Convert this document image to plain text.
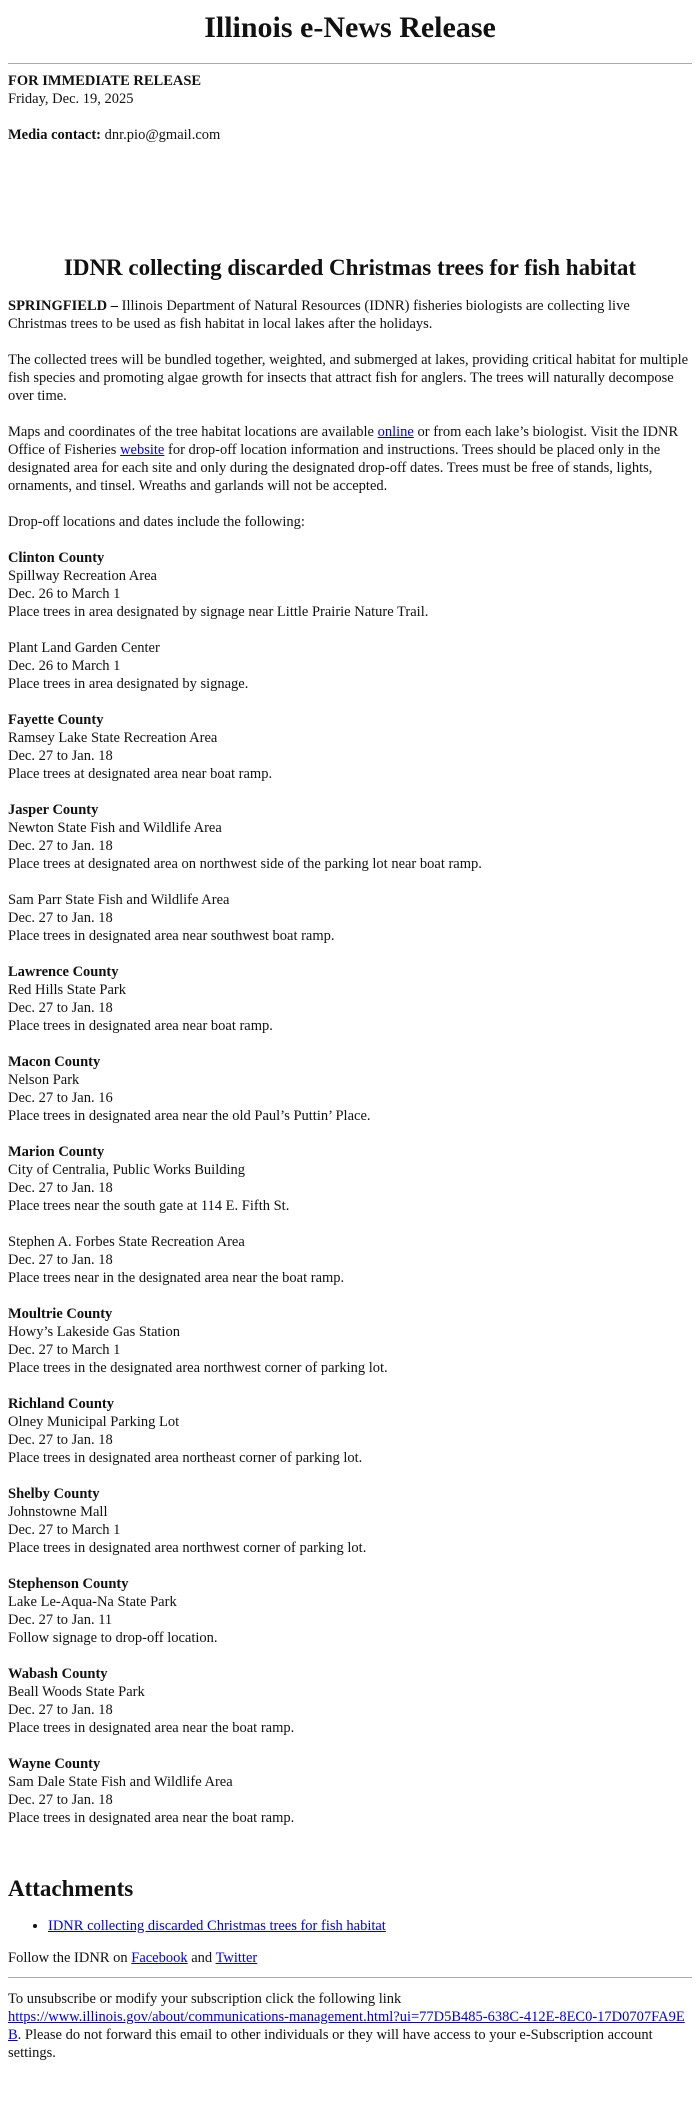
Illinois e-News Release

FOR IMMEDIATE RELEASE

Friday, Dec. 19, 2025

Media contact: dnr.pio@gmail.com

IDNR collecting discarded Christmas trees for fish habitat

SPRINGFIELD – Illinois Department of Natural Resources (IDNR) fisheries biologists are collecting live Christmas trees to be used as fish habitat in local lakes after the holidays.

The collected trees will be bundled together, weighted, and submerged at lakes, providing critical habitat for multiple fish species and promoting algae growth for insects that attract fish for anglers. The trees will naturally decompose over time.

Maps and coordinates of the tree habitat locations are available online or from each lake’s biologist. Visit the IDNR Office of Fisheries website for drop-off location information and instructions. Trees should be placed only in the designated area for each site and only during the designated drop-off dates. Trees must be free of stands, lights, ornaments, and tinsel. Wreaths and garlands will not be accepted.

Drop-off locations and dates include the following:

Clinton County
Spillway Recreation Area
Dec. 26 to March 1
Place trees in area designated by signage near Little Prairie Nature Trail.
Plant Land Garden Center
Dec. 26 to March 1
Place trees in area designated by signage.
Fayette County
Ramsey Lake State Recreation Area
Dec. 27 to Jan. 18
Place trees at designated area near boat ramp.
Jasper County
Newton State Fish and Wildlife Area
Dec. 27 to Jan. 18
Place trees at designated area on northwest side of the parking lot near boat ramp.
Sam Parr State Fish and Wildlife Area
Dec. 27 to Jan. 18
Place trees in designated area near southwest boat ramp.
Lawrence County
Red Hills State Park
Dec. 27 to Jan. 18
Place trees in designated area near boat ramp.
Macon County
Nelson Park
Dec. 27 to Jan. 16
Place trees in designated area near the old Paul’s Puttin’ Place.
Marion County
City of Centralia, Public Works Building
Dec. 27 to Jan. 18
Place trees near the south gate at 114 E. Fifth St.
Stephen A. Forbes State Recreation Area
Dec. 27 to Jan. 18
Place trees near in the designated area near the boat ramp.
Moultrie County
Howy’s Lakeside Gas Station
Dec. 27 to March 1
Place trees in the designated area northwest corner of parking lot.
Richland County
Olney Municipal Parking Lot
Dec. 27 to Jan. 18
Place trees in designated area northeast corner of parking lot.
Shelby County
Johnstowne Mall
Dec. 27 to March 1
Place trees in designated area northwest corner of parking lot.
Stephenson County
Lake Le-Aqua-Na State Park
Dec. 27 to Jan. 11
Follow signage to drop-off location.
Wabash County
Beall Woods State Park
Dec. 27 to Jan. 18
Place trees in designated area near the boat ramp.
Wayne County
Sam Dale State Fish and Wildlife Area
Dec. 27 to Jan. 18
Place trees in designated area near the boat ramp.
Attachments
• IDNR collecting discarded Christmas trees for fish habitat

Follow the IDNR on Facebook and Twitter

To unsubscribe or modify your subscription click the following link

https://www.illinois.gov/about/communications-management.html?ui=77D5B485-638C-412E-8EC0-17D0707FA9EB. Please do not forward this email to other individuals or they will have access to your e-Subscription account settings.
